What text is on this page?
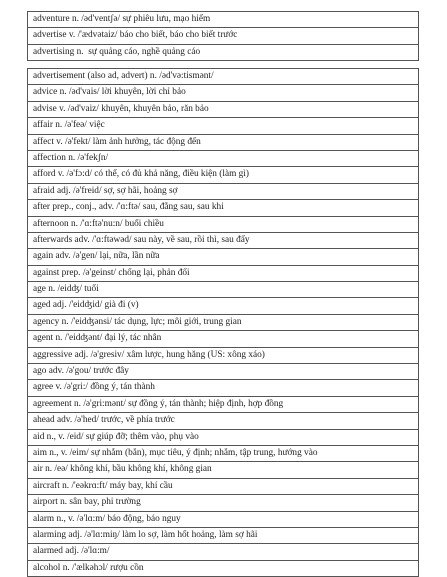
adventure n. /əd'ventʃə/ sự phiêu lưu, mạo hiểm
advertise v. /'ædvətaiz/ báo cho biết, báo cho biết trước
advertising n.  sự quảng cáo, nghề quảng cáo
advertisement (also ad, advert) n. /əd'və:tismənt/
advice n. /əd'vais/ lời khuyên, lời chỉ bảo
advise v. /əd'vaiz/ khuyên, khuyên bảo, răn bảo
affair n. /ə'feə/ việc
affect v. /ə'fekt/ làm ảnh hưởng, tác động đến
affection n. /ə'fekʃn/
afford v. /ə'fɔ:d/ có thể, có đủ khả năng, điều kiện (làm gì)
afraid adj. /ə'freid/ sợ, sợ hãi, hoảng sợ
after prep., conj., adv. /'ɑ:ftə/ sau, đằng sau, sau khi
afternoon n. /'ɑ:ftə'nu:n/ buổi chiều
afterwards adv. /'ɑ:ftəwəd/ sau này, về sau, rồi thì, sau đấy
again adv. /ə'gen/ lại, nữa, lần nữa
against prep. /ə'geinst/ chống lại, phản đối
age n. /eidʤ/ tuổi
aged adj. /'eidʤid/ già đi (v)
agency n. /'eidʤənsi/ tác dụng, lực; môi giới, trung gian
agent n. /'eidʤənt/ đại lý, tác nhân
aggressive adj. /ə'gresiv/ xâm lược, hung hăng (US: xông xáo)
ago adv. /ə'gou/ trước đây
agree v. /ə'gri:/ đồng ý, tán thành
agreement n. /ə'gri:mənt/ sự đồng ý, tán thành; hiệp định, hợp đồng
ahead adv. /ə'hed/ trước, về phía trước
aid n., v. /eid/ sự giúp đỡ; thêm vào, phụ vào
aim n., v. /eim/ sự nhắm (bắn), mục tiêu, ý định; nhắm, tập trung, hướng vào
air n. /eə/ không khí, bầu không khí, không gian
aircraft n. /'eəkrɑ:ft/ máy bay, khí cầu
airport n. sân bay, phi trường
alarm n., v. /ə'lɑ:m/ báo động, báo nguy
alarming adj. /ə'lɑ:miŋ/ làm lo sợ, làm hốt hoảng, làm sợ hãi
alarmed adj. /ə'lɑ:m/
alcohol n. /'ælkəhɔl/ rượu cồn
